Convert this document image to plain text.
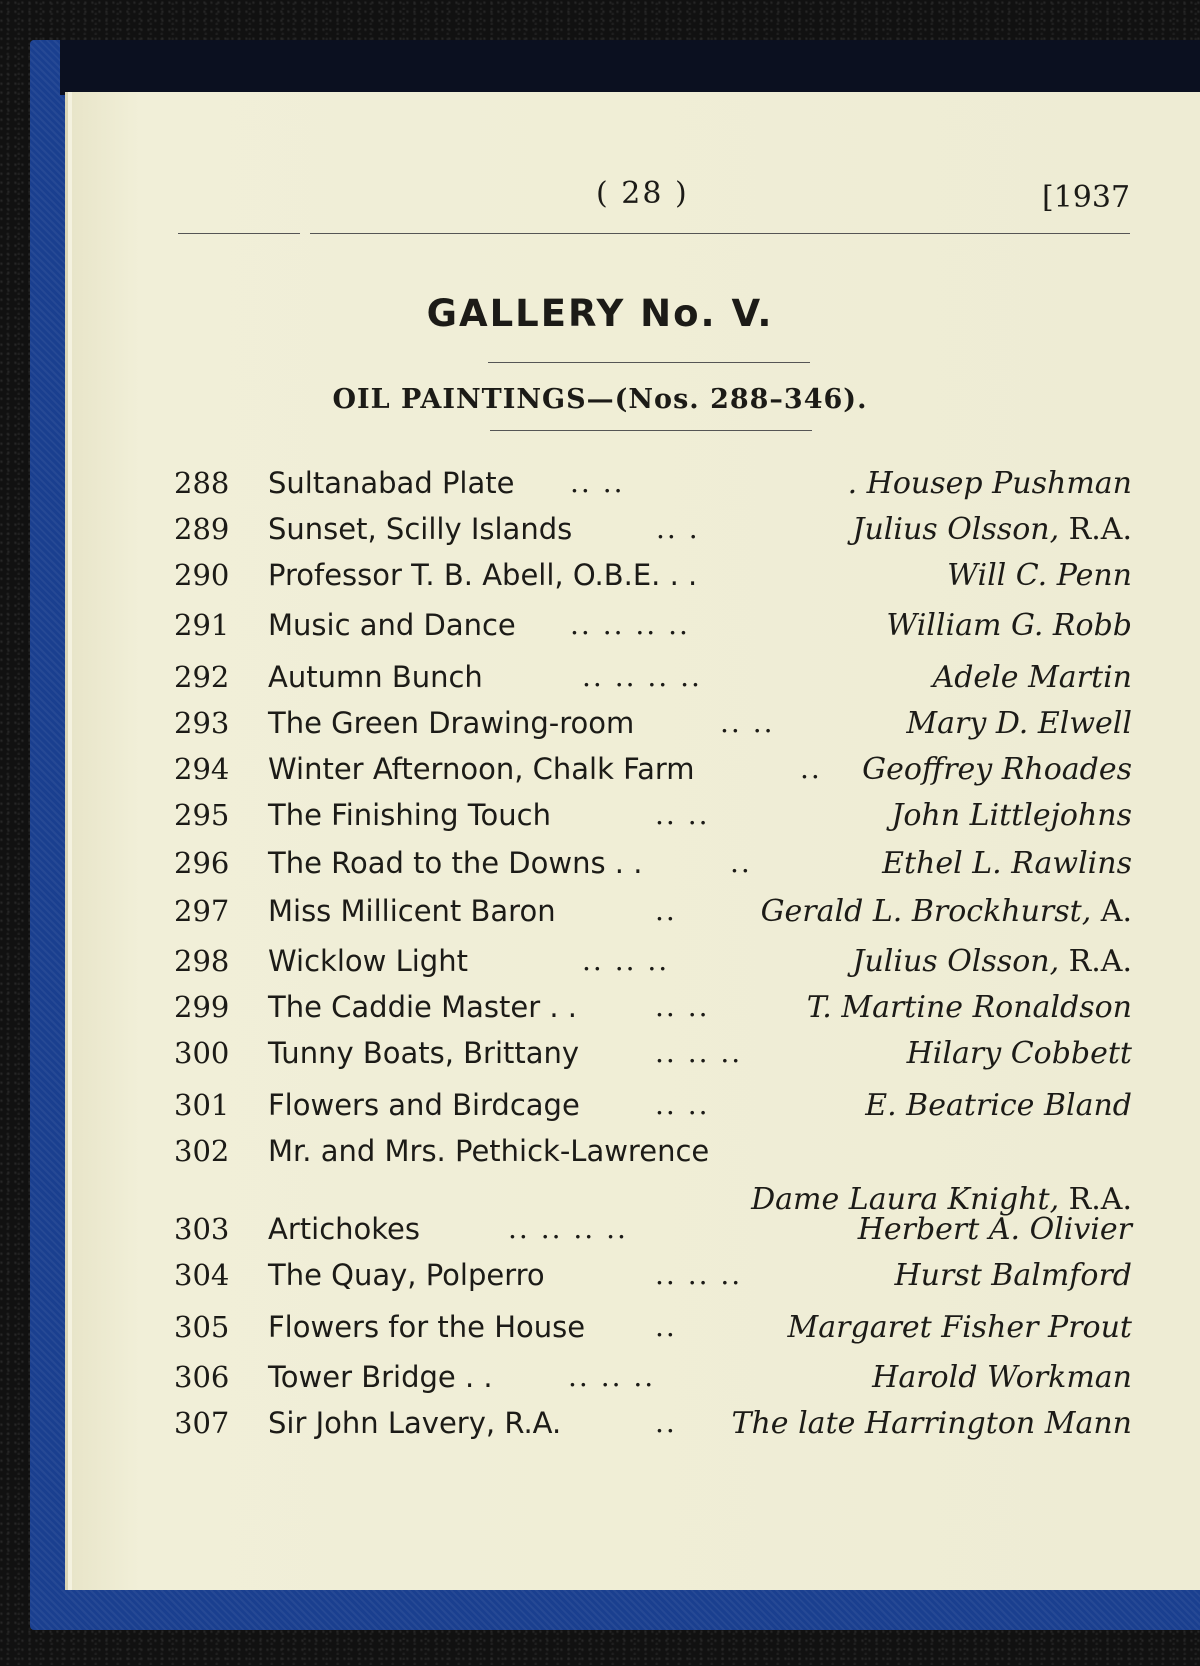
( 28 )	[1937
GALLERY No. V.
OIL PAINTINGS—(Nos. 288–346).
288 Sultanabad Plate .. ..	. Housep Pushman
289 Sunset, Scilly Islands	.. .	Julius Olsson, R.A.
290 Professor T. B. Abell, O.B.E. . .	Will C. Penn
291 Music and Dance .. .. .. ..	William G. Robb
292 Autumn Bunch	.. .. .. ..	Adele Martin
293 The Green Drawing-room	.. ..	Mary D. Elwell
294 Winter Afternoon, Chalk Farm	.. Geoffrey Rhoades
295 The Finishing Touch	.. ..	John Littlejohns
296 The Road to the Downs . .	..	Ethel L. Rawlins
297 Miss Millicent Baron	..	Gerald L. Brockhurst, A.
298 Wicklow Light	.. .. ..	Julius Olsson, R.A.
299 The Caddie Master . .	.. ..	T. Martine Ronaldson
300 Tunny Boats, Brittany	.. .. ..	Hilary Cobbett
301 Flowers and Birdcage	.. ..	E. Beatrice Bland
302 Mr. and Mrs. Pethick-Lawrence
Dame Laura Knight, R.A.
303 Artichokes	.. .. .. ..	Herbert A. Olivier
304 The Quay, Polperro	.. .. ..	Hurst Balmford
305 Flowers for the House ..	Margaret Fisher Prout
306 Tower Bridge . .	.. .. ..	Harold Workman
307 Sir John Lavery, R.A.	.. The late Harrington Mann
